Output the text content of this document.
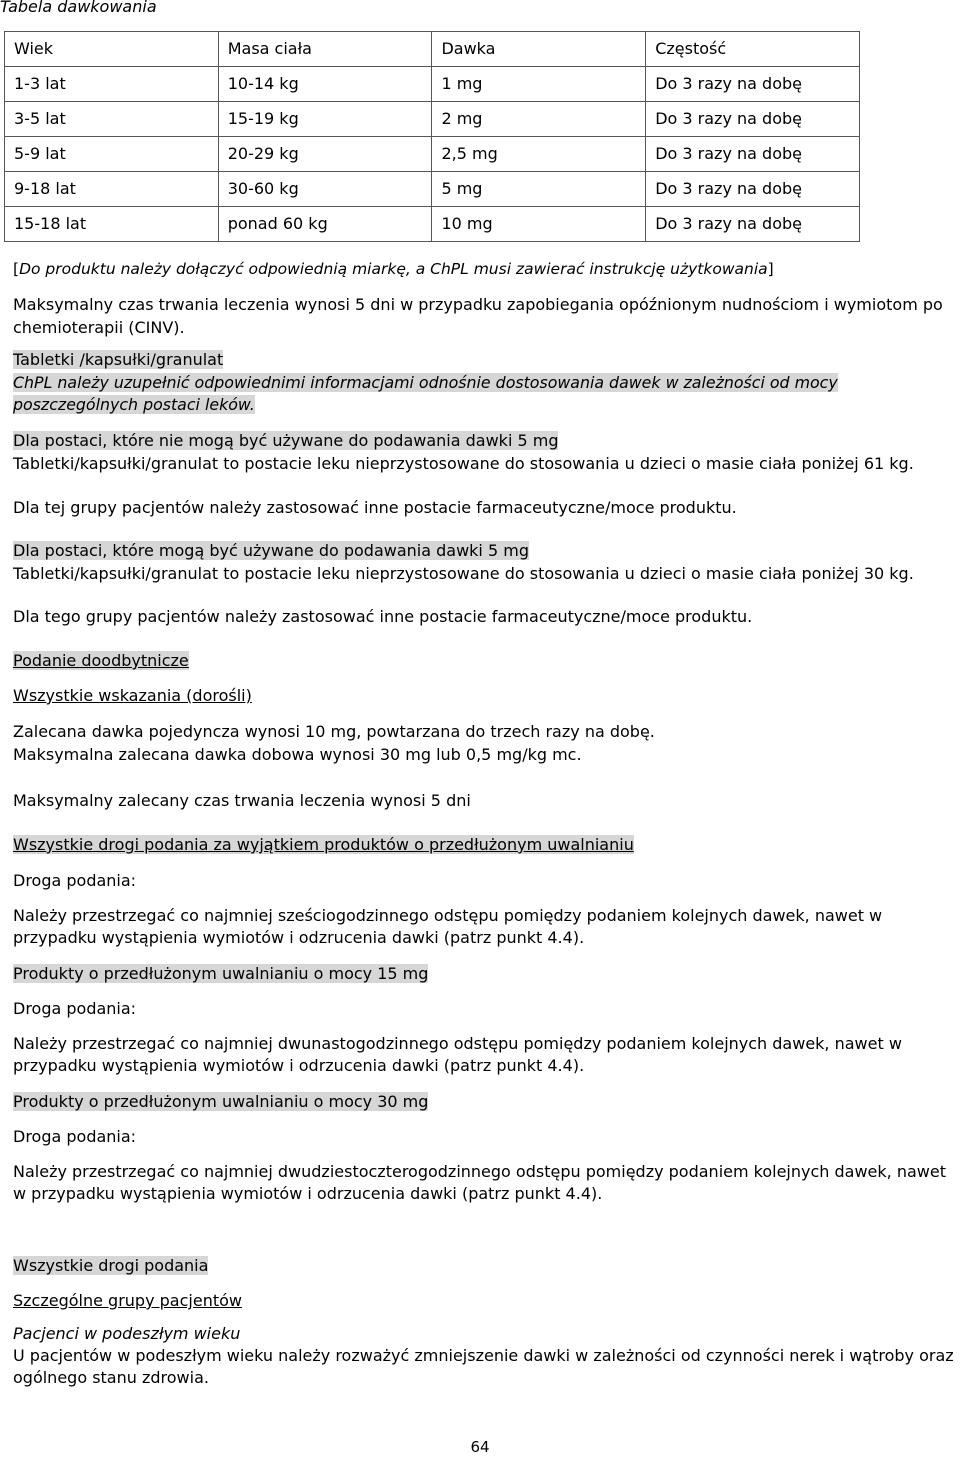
Tabela dawkowania
Wiek	Masa ciała	Dawka	Częstość
1-3 lat	10-14 kg	1 mg	Do 3 razy na dobę
3-5 lat	15-19 kg	2 mg	Do 3 razy na dobę
5-9 lat	20-29 kg	2,5 mg	Do 3 razy na dobę
9-18 lat	30-60 kg	5 mg	Do 3 razy na dobę
15-18 lat	ponad 60 kg	10 mg	Do 3 razy na dobę
[Do produktu należy dołączyć odpowiednią miarkę, a ChPL musi zawierać instrukcję użytkowania]
Maksymalny czas trwania leczenia wynosi 5 dni w przypadku zapobiegania opóźnionym nudnościom i wymiotom po chemioterapii (CINV).
Tabletki /kapsułki/granulat
ChPL należy uzupełnić odpowiednimi informacjami odnośnie dostosowania dawek w zależności od mocy poszczególnych postaci leków.
Dla postaci, które nie mogą być używane do podawania dawki 5 mg
Tabletki/kapsułki/granulat to postacie leku nieprzystosowane do stosowania u dzieci o masie ciała poniżej 61 kg.
Dla tej grupy pacjentów należy zastosować inne postacie farmaceutyczne/moce produktu.
Dla postaci, które mogą być używane do podawania dawki 5 mg
Tabletki/kapsułki/granulat to postacie leku nieprzystosowane do stosowania u dzieci o masie ciała poniżej 30 kg.
Dla tego grupy pacjentów należy zastosować inne postacie farmaceutyczne/moce produktu.
Podanie doodbytnicze
Wszystkie wskazania (dorośli)
Zalecana dawka pojedyncza wynosi 10 mg, powtarzana do trzech razy na dobę.
Maksymalna zalecana dawka dobowa wynosi 30 mg lub 0,5 mg/kg mc.
Maksymalny zalecany czas trwania leczenia wynosi 5 dni
Wszystkie drogi podania za wyjątkiem produktów o przedłużonym uwalnianiu
Droga podania:
Należy przestrzegać co najmniej sześciogodzinnego odstępu pomiędzy podaniem kolejnych dawek, nawet w przypadku wystąpienia wymiotów i odzrucenia dawki (patrz punkt 4.4).
Produkty o przedłużonym uwalnianiu o mocy 15 mg
Droga podania:
Należy przestrzegać co najmniej dwunastogodzinnego odstępu pomiędzy podaniem kolejnych dawek, nawet w przypadku wystąpienia wymiotów i odrzucenia dawki (patrz punkt 4.4).
Produkty o przedłużonym uwalnianiu o mocy 30 mg
Droga podania:
Należy przestrzegać co najmniej dwudziestoczterogodzinnego odstępu pomiędzy podaniem kolejnych dawek, nawet w przypadku wystąpienia wymiotów i odrzucenia dawki (patrz punkt 4.4).
Wszystkie drogi podania
Szczególne grupy pacjentów
Pacjenci w podeszłym wieku
U pacjentów w podeszłym wieku należy rozważyć zmniejszenie dawki w zależności od czynności nerek i wątroby oraz ogólnego stanu zdrowia.
64
